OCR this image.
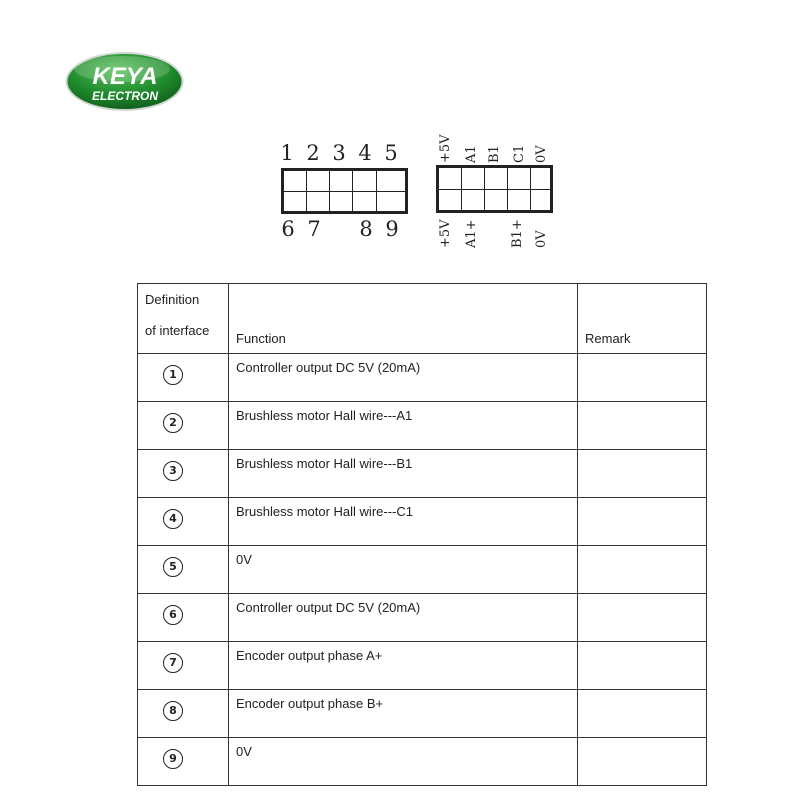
KEYA
ELECTRON
1 2 3 4 5
6 7 8 9
+5V A1 B1 C1 0V
+5V A1+ B1+ 0V
Definition
of interface	Function	Remark
1	Controller output DC 5V (20mA)	
2	Brushless motor Hall wire---A1	
3	Brushless motor Hall wire---B1	
4	Brushless motor Hall wire---C1	
5	0V	
6	Controller output DC 5V (20mA)	
7	Encoder output phase A+	
8	Encoder output phase B+	
9	0V	
